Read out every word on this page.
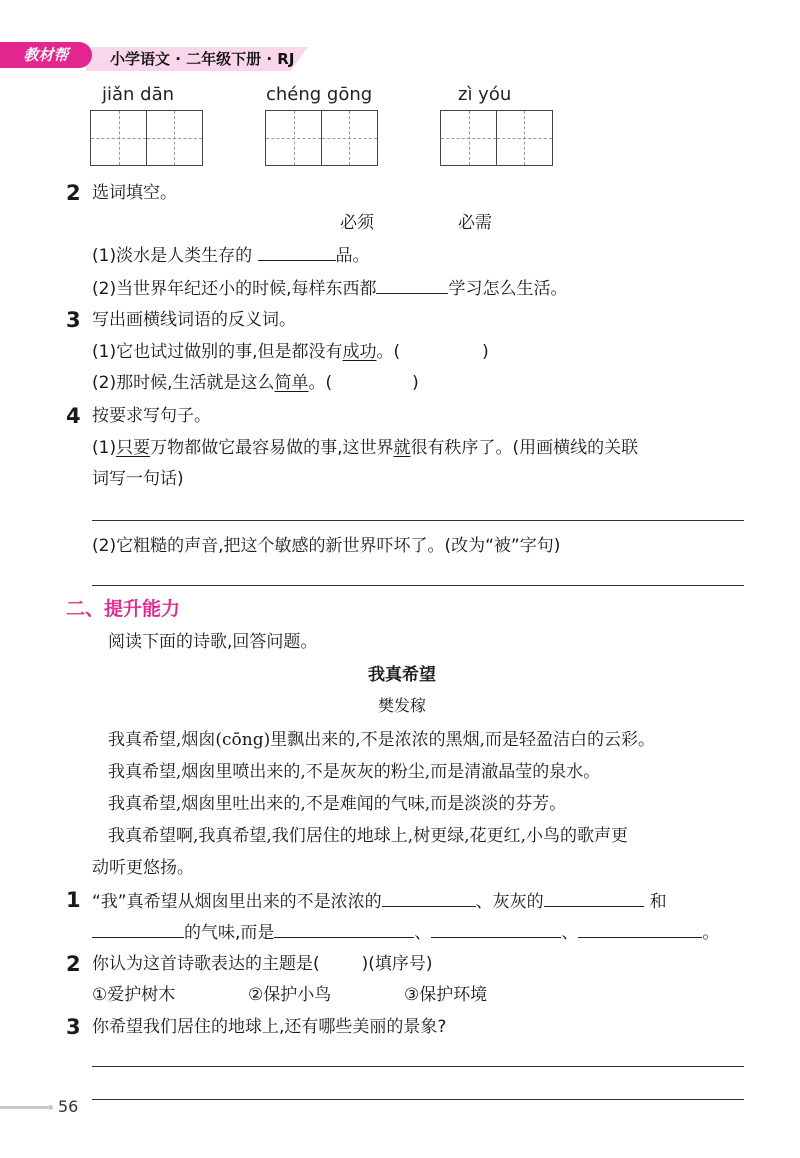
教材帮	小学语文 · 二年级下册 · RJ
jiǎn dān	chéng gōng	zì yóu
2 选词填空。
必须	必需
(1)淡水是人类生存的	品。
(2)当世界年纪还小的时候,每样东西都	学习怎么生活。
3 写出画横线词语的反义词。
(1)它也试过做别的事,但是都没有成功。(	)
(2)那时候,生活就是这么简单。(	)
4 按要求写句子。
(1)只要万物都做它最容易做的事,这世界就很有秩序了。(用画横线的关联
词写一句话)
(2)它粗糙的声音,把这个敏感的新世界吓坏了。(改为“被”字句)
二、提升能力
阅读下面的诗歌,回答问题。
我真希望
樊发稼
我真希望,烟囱(cōng)里飘出来的,不是浓浓的黑烟,而是轻盈洁白的云彩。
我真希望,烟囱里喷出来的,不是灰灰的粉尘,而是清澈晶莹的泉水。
我真希望,烟囱里吐出来的,不是难闻的气味,而是淡淡的芬芳。
我真希望啊,我真希望,我们居住的地球上,树更绿,花更红,小鸟的歌声更
动听更悠扬。
1 “我”真希望从烟囱里出来的不是浓浓的	、灰灰的	和
的气味,而是	、	、	。
2 你认为这首诗歌表达的主题是( )(填序号)
①爱护树木	②保护小鸟	③保护环境
3 你希望我们居住的地球上,还有哪些美丽的景象?
56
